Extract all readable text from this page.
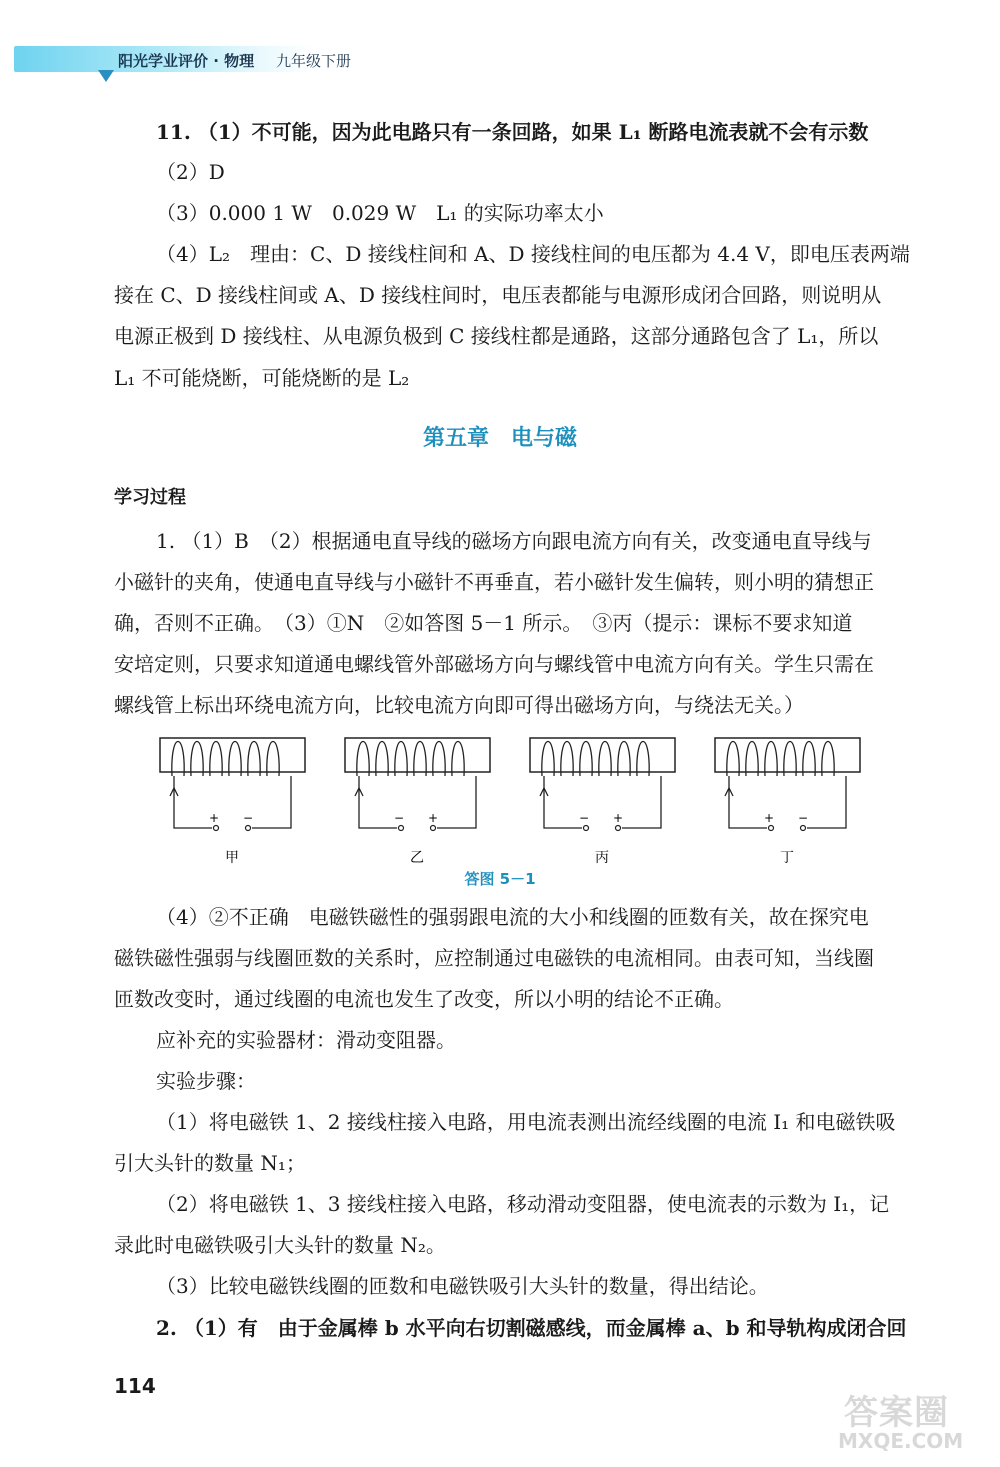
阳光学业评价 · 物理 九年级下册
11. （1）不可能，因为此电路只有一条回路，如果 L₁ 断路电流表就不会有示数
（2）D
（3）0.000 1 W　0.029 W　L₁ 的实际功率太小
（4）L₂　理由：C、D 接线柱间和 A、D 接线柱间的电压都为 4.4 V，即电压表两端
接在 C、D 接线柱间或 A、D 接线柱间时，电压表都能与电源形成闭合回路，则说明从
电源正极到 D 接线柱、从电源负极到 C 接线柱都是通路，这部分通路包含了 L₁，所以
L₁ 不可能烧断，可能烧断的是 L₂
第五章　电与磁
学习过程
1. （1）B　（2）根据通电直导线的磁场方向跟电流方向有关，改变通电直导线与
小磁针的夹角，使通电直导线与小磁针不再垂直，若小磁针发生偏转，则小明的猜想正
确，否则不正确。　（3）①N　②如答图 5－1 所示。　③丙（提示：课标不要求知道
安培定则，只要求知道通电螺线管外部磁场方向与螺线管中电流方向有关。学生只需在
螺线管上标出环绕电流方向，比较电流方向即可得出磁场方向，与绕法无关。）
+ −
甲
− +
乙
− +
丙
+ −
丁
答图 5－1
（4）②不正确　电磁铁磁性的强弱跟电流的大小和线圈的匝数有关，故在探究电
磁铁磁性强弱与线圈匝数的关系时，应控制通过电磁铁的电流相同。由表可知，当线圈
匝数改变时，通过线圈的电流也发生了改变，所以小明的结论不正确。
应补充的实验器材：滑动变阻器。
实验步骤：
（1）将电磁铁 1、2 接线柱接入电路，用电流表测出流经线圈的电流 I₁ 和电磁铁吸
引大头针的数量 N₁；
（2）将电磁铁 1、3 接线柱接入电路，移动滑动变阻器，使电流表的示数为 I₁，记
录此时电磁铁吸引大头针的数量 N₂。
（3）比较电磁铁线圈的匝数和电磁铁吸引大头针的数量，得出结论。
2. （1）有　由于金属棒 b 水平向右切割磁感线，而金属棒 a、b 和导轨构成闭合回
114
答案圈
MXQE.COM
